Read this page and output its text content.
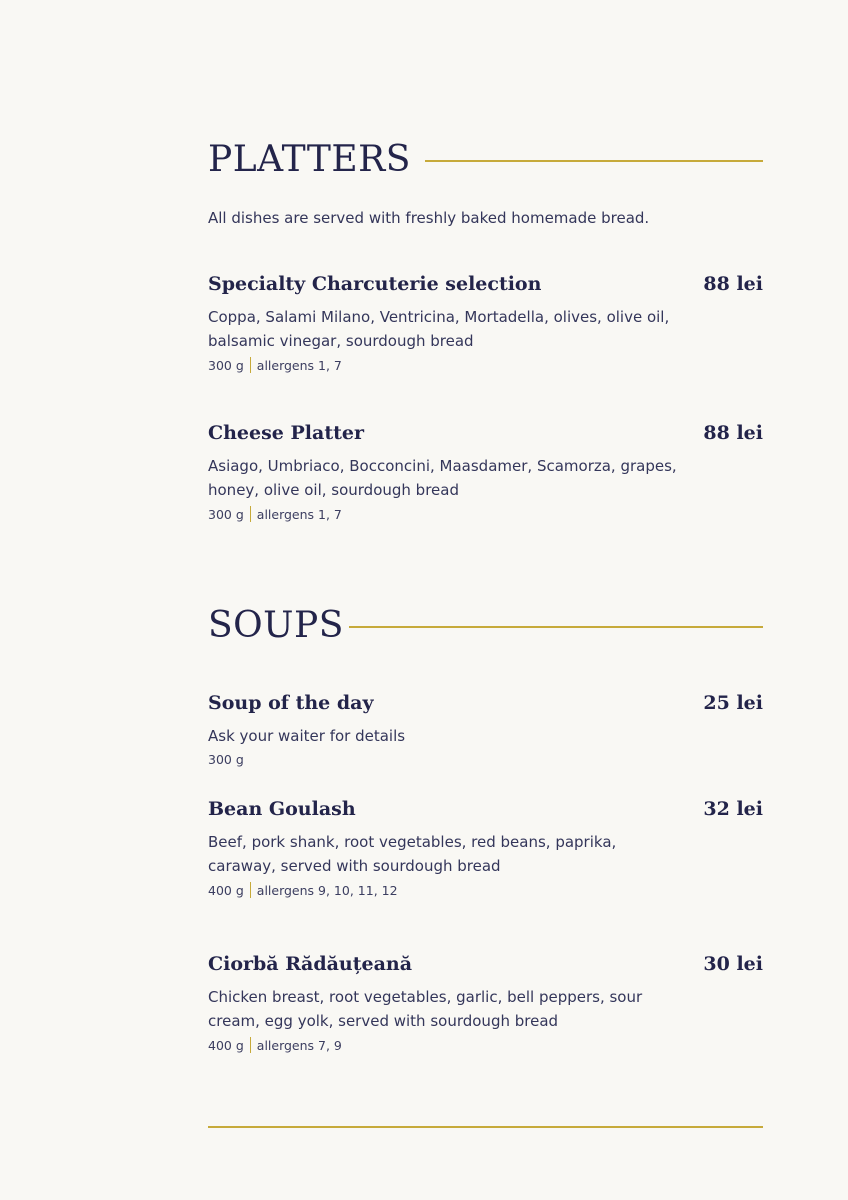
PLATTERS
All dishes are served with freshly baked homemade bread.
Specialty Charcuterie selection	88 lei
Coppa, Salami Milano, Ventricina, Mortadella, olives, olive oil, balsamic vinegar, sourdough bread
300 g allergens 1, 7
Cheese Platter	88 lei
Asiago, Umbriaco, Bocconcini, Maasdamer, Scamorza, grapes, honey, olive oil, sourdough bread
300 g allergens 1, 7
SOUPS
Soup of the day	25 lei
Ask your waiter for details
300 g
Bean Goulash	32 lei
Beef, pork shank, root vegetables, red beans, paprika, caraway, served with sourdough bread
400 g allergens 9, 10, 11, 12
Ciorbă Rădăuțeană	30 lei
Chicken breast, root vegetables, garlic, bell peppers, sour cream, egg yolk, served with sourdough bread
400 g allergens 7, 9
